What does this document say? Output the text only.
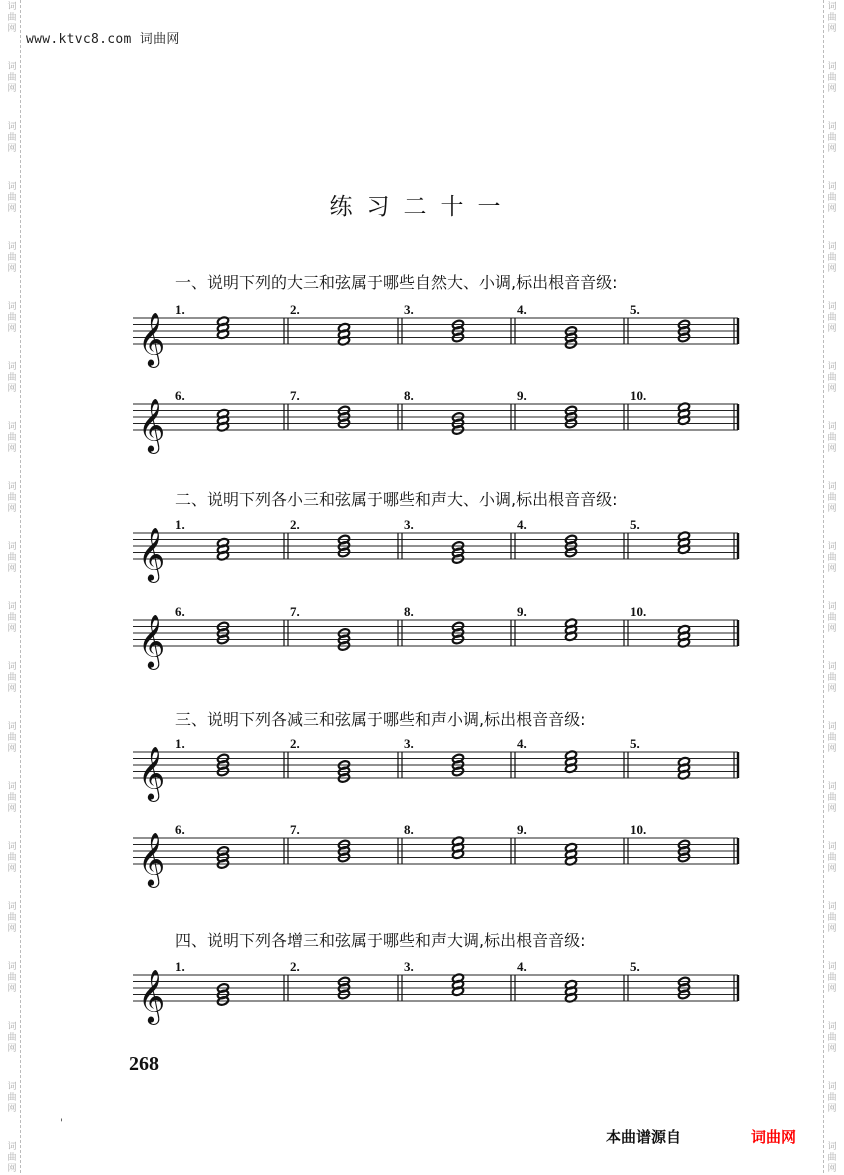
词
曲
网
词
曲
网
词
曲
网
词
曲
网
词
曲
网
词
曲
网
词
曲
网
词
曲
网
词
曲
网
词
曲
网
词
曲
网
词
曲
网
词
曲
网
词
曲
网
词
曲
网
词
曲
网
词
曲
网
词
曲
网
词
曲
网
词
曲
网
词
曲
网
词
曲
网
词
曲
网
词
曲
网
词
曲
网
词
曲
网
词
曲
网
词
曲
网
词
曲
网
词
曲
网
词
曲
网
词
曲
网
词
曲
网
词
曲
网
词
曲
网
词
曲
网
词
曲
网
词
曲
网
词
曲
网
词
曲
网
www.ktvc8.com 词曲网
练习二十一
一、说明下列的大三和弦属于哪些自然大、小调,标出根音音级:
二、说明下列各小三和弦属于哪些和声大、小调,标出根音音级:
三、说明下列各减三和弦属于哪些和声小调,标出根音音级:
四、说明下列各增三和弦属于哪些和声大调,标出根音音级:
𝄞
1.	2.	3.	4.	5.
𝄞
6.	7.	8.	9.	10.
𝄞
1.	2.	3.	4.	5.
𝄞
6.	7.	8.	9.	10.
𝄞
1.	2.	3.	4.	5.
𝄞
6.	7.	8.	9.	10.
𝄞
1.	2.	3.	4.	5.
268
'
本曲谱源自	词曲网
